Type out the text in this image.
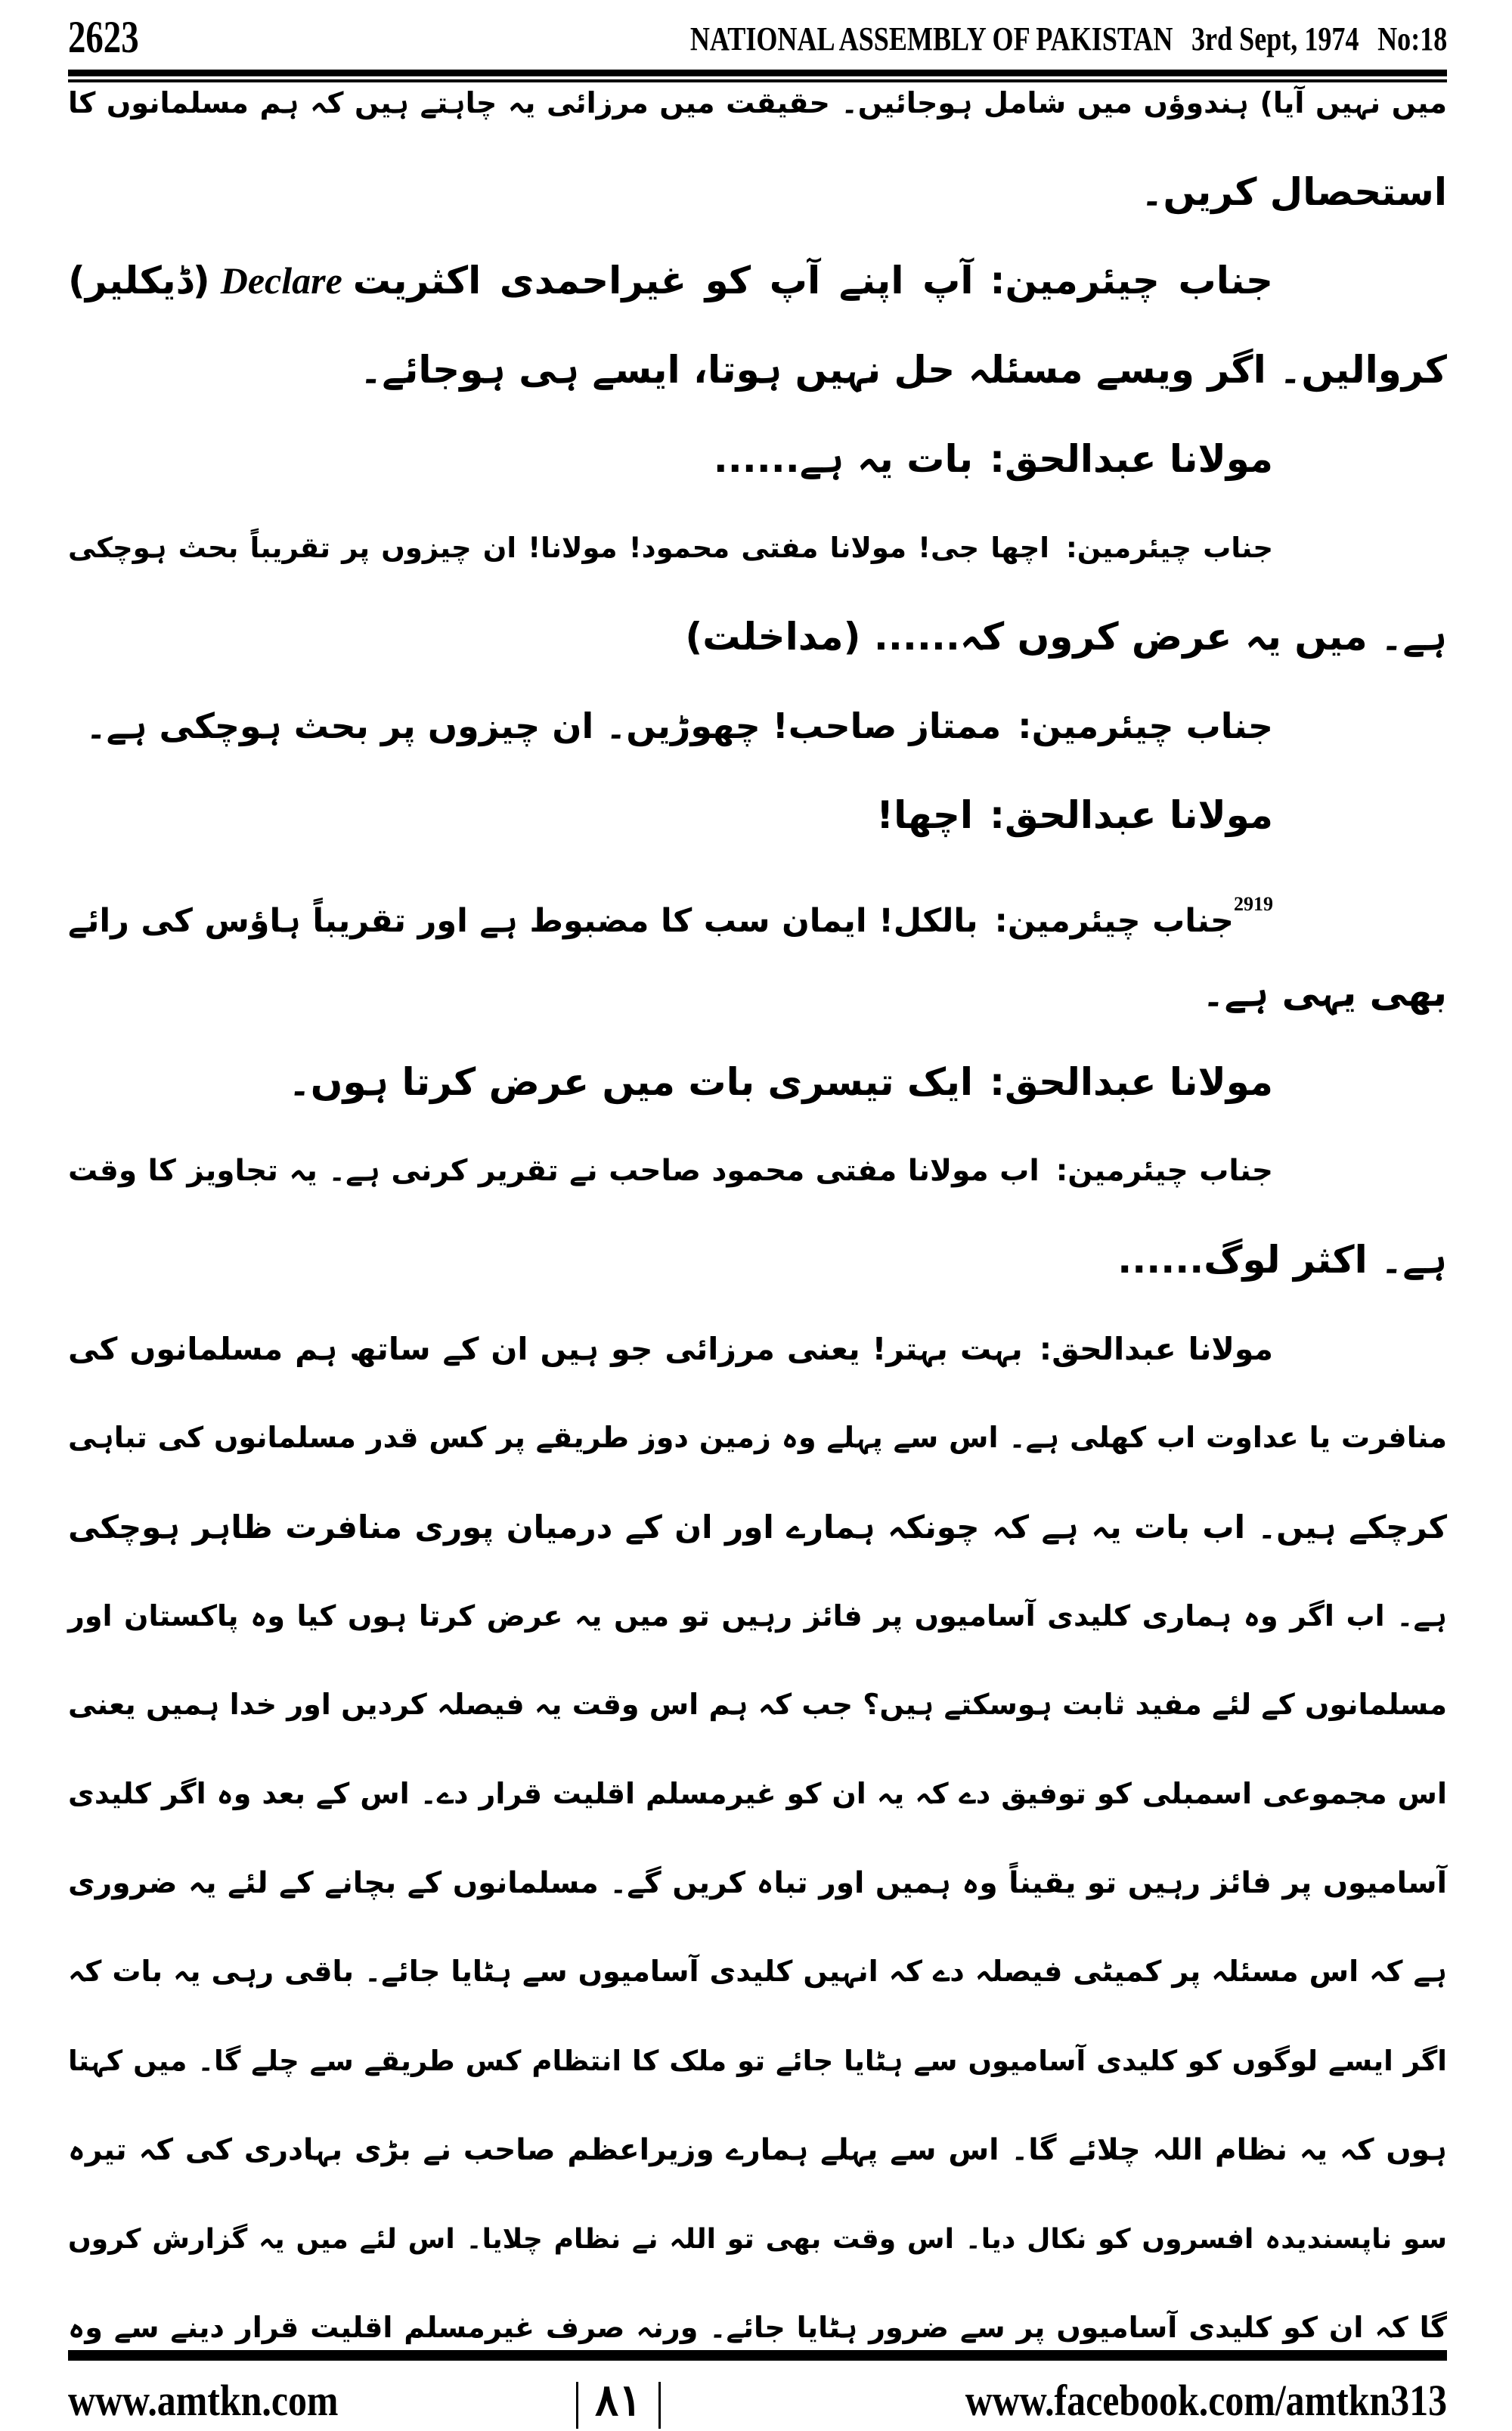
2623	NATIONAL ASSEMBLY OF PAKISTAN 3rd Sept, 1974 No:18
میں نہیں آیا) ہندوؤں میں شامل ہوجائیں۔ حقیقت میں مرزائی یہ چاہتے ہیں کہ ہم مسلمانوں کا
استحصال کریں۔
جناب چیئرمین:آپ اپنے آپ کو غیراحمدی اکثریتDeclare(ڈیکلیر)
کروالیں۔ اگر ویسے مسئلہ حل نہیں ہوتا، ایسے ہی ہوجائے۔
مولانا عبدالحق:بات یہ ہے......
جناب چیئرمین:اچھا جی! مولانا مفتی محمود! مولانا! ان چیزوں پر تقریباً بحث ہوچکی
ہے۔ میں یہ عرض کروں کہ...... (مداخلت)
جناب چیئرمین:ممتاز صاحب! چھوڑیں۔ ان چیزوں پر بحث ہوچکی ہے۔
مولانا عبدالحق:اچھا!
$^{2919}$جناب چیئرمین:بالکل! ایمان سب کا مضبوط ہے اور تقریباً ہاؤس کی رائے
بھی یہی ہے۔
مولانا عبدالحق:ایک تیسری بات میں عرض کرتا ہوں۔
جناب چیئرمین:اب مولانا مفتی محمود صاحب نے تقریر کرنی ہے۔ یہ تجاویز کا وقت
ہے۔ اکثر لوگ......
مولانا عبدالحق:بہت بہتر! یعنی مرزائی جو ہیں ان کے ساتھ ہم مسلمانوں کی
منافرت یا عداوت اب کھلی ہے۔ اس سے پہلے وہ زمین دوز طریقے پر کس قدر مسلمانوں کی تباہی
کرچکے ہیں۔ اب بات یہ ہے کہ چونکہ ہمارے اور ان کے درمیان پوری منافرت ظاہر ہوچکی
ہے۔ اب اگر وہ ہماری کلیدی آسامیوں پر فائز رہیں تو میں یہ عرض کرتا ہوں کیا وہ پاکستان اور
مسلمانوں کے لئے مفید ثابت ہوسکتے ہیں؟ جب کہ ہم اس وقت یہ فیصلہ کردیں اور خدا ہمیں یعنی
اس مجموعی اسمبلی کو توفیق دے کہ یہ ان کو غیرمسلم اقلیت قرار دے۔ اس کے بعد وہ اگر کلیدی
آسامیوں پر فائز رہیں تو یقیناً وہ ہمیں اور تباہ کریں گے۔ مسلمانوں کے بچانے کے لئے یہ ضروری
ہے کہ اس مسئلہ پر کمیٹی فیصلہ دے کہ انہیں کلیدی آسامیوں سے ہٹایا جائے۔ باقی رہی یہ بات کہ
اگر ایسے لوگوں کو کلیدی آسامیوں سے ہٹایا جائے تو ملک کا انتظام کس طریقے سے چلے گا۔ میں کہتا
ہوں کہ یہ نظام اللہ چلائے گا۔ اس سے پہلے ہمارے وزیراعظم صاحب نے بڑی بہادری کی کہ تیرہ
سو ناپسندیدہ افسروں کو نکال دیا۔ اس وقت بھی تو اللہ نے نظام چلایا۔ اس لئے میں یہ گزارش کروں
گا کہ ان کو کلیدی آسامیوں پر سے ضرور ہٹایا جائے۔ ورنہ صرف غیرمسلم اقلیت قرار دینے سے وہ
www.amtkn.com	۸۱	www.facebook.com/amtkn313
